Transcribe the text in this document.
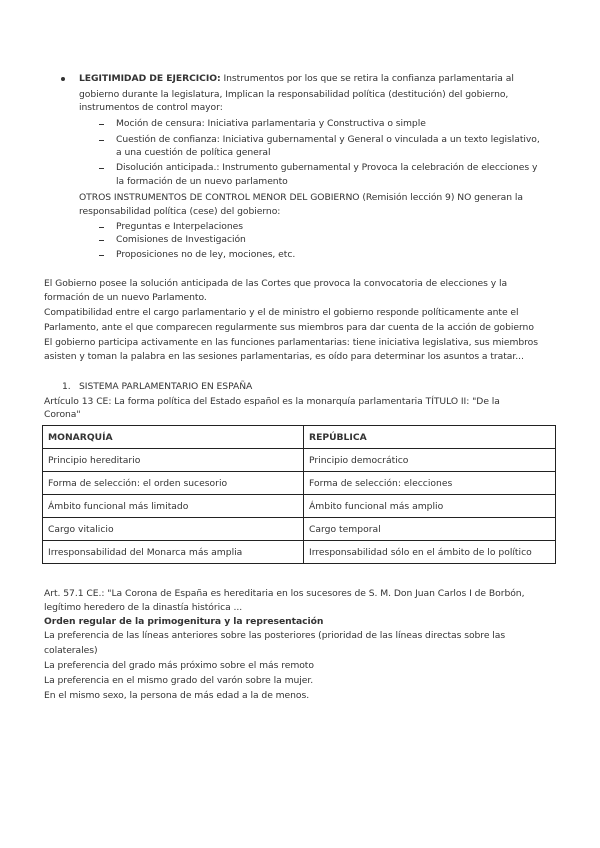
LEGITIMIDAD DE EJERCICIO: Instrumentos por los que se retira la confianza parlamentaria al
gobierno durante la legislatura, Implican la responsabilidad política (destitución) del gobierno,
instrumentos de control mayor:
Moción de censura: Iniciativa parlamentaria y Constructiva o simple
Cuestión de confianza: Iniciativa gubernamental y General o vinculada a un texto legislativo,
a una cuestión de política general
Disolución anticipada.: Instrumento gubernamental y Provoca la celebración de elecciones y
la formación de un nuevo parlamento
OTROS INSTRUMENTOS DE CONTROL MENOR DEL GOBIERNO (Remisión lección 9) NO generan la
responsabilidad política (cese) del gobierno:
Preguntas e Interpelaciones
Comisiones de Investigación
Proposiciones no de ley, mociones, etc.
El Gobierno posee la solución anticipada de las Cortes que provoca la convocatoria de elecciones y la
formación de un nuevo Parlamento.
Compatibilidad entre el cargo parlamentario y el de ministro el gobierno responde políticamente ante el
Parlamento, ante el que comparecen regularmente sus miembros para dar cuenta de la acción de gobierno
El gobierno participa activamente en las funciones parlamentarias: tiene iniciativa legislativa, sus miembros
asisten y toman la palabra en las sesiones parlamentarias, es oído para determinar los asuntos a tratar...
1. SISTEMA PARLAMENTARIO EN ESPAÑA
Artículo 13 CE: La forma política del Estado español es la monarquía parlamentaria TÍTULO II: "De la
Corona"
MONARQUÍA	REPÚBLICA
Principio hereditario	Principio democrático
Forma de selección: el orden sucesorio	Forma de selección: elecciones
Ámbito funcional más limitado	Ámbito funcional más amplio
Cargo vitalicio	Cargo temporal
Irresponsabilidad del Monarca más amplia	Irresponsabilidad sólo en el ámbito de lo político
Art. 57.1 CE.: "La Corona de España es hereditaria en los sucesores de S. M. Don Juan Carlos I de Borbón,
legítimo heredero de la dinastía histórica ...
Orden regular de la primogenitura y la representación
La preferencia de las líneas anteriores sobre las posteriores (prioridad de las líneas directas sobre las
colaterales)
La preferencia del grado más próximo sobre el más remoto
La preferencia en el mismo grado del varón sobre la mujer.
En el mismo sexo, la persona de más edad a la de menos.
